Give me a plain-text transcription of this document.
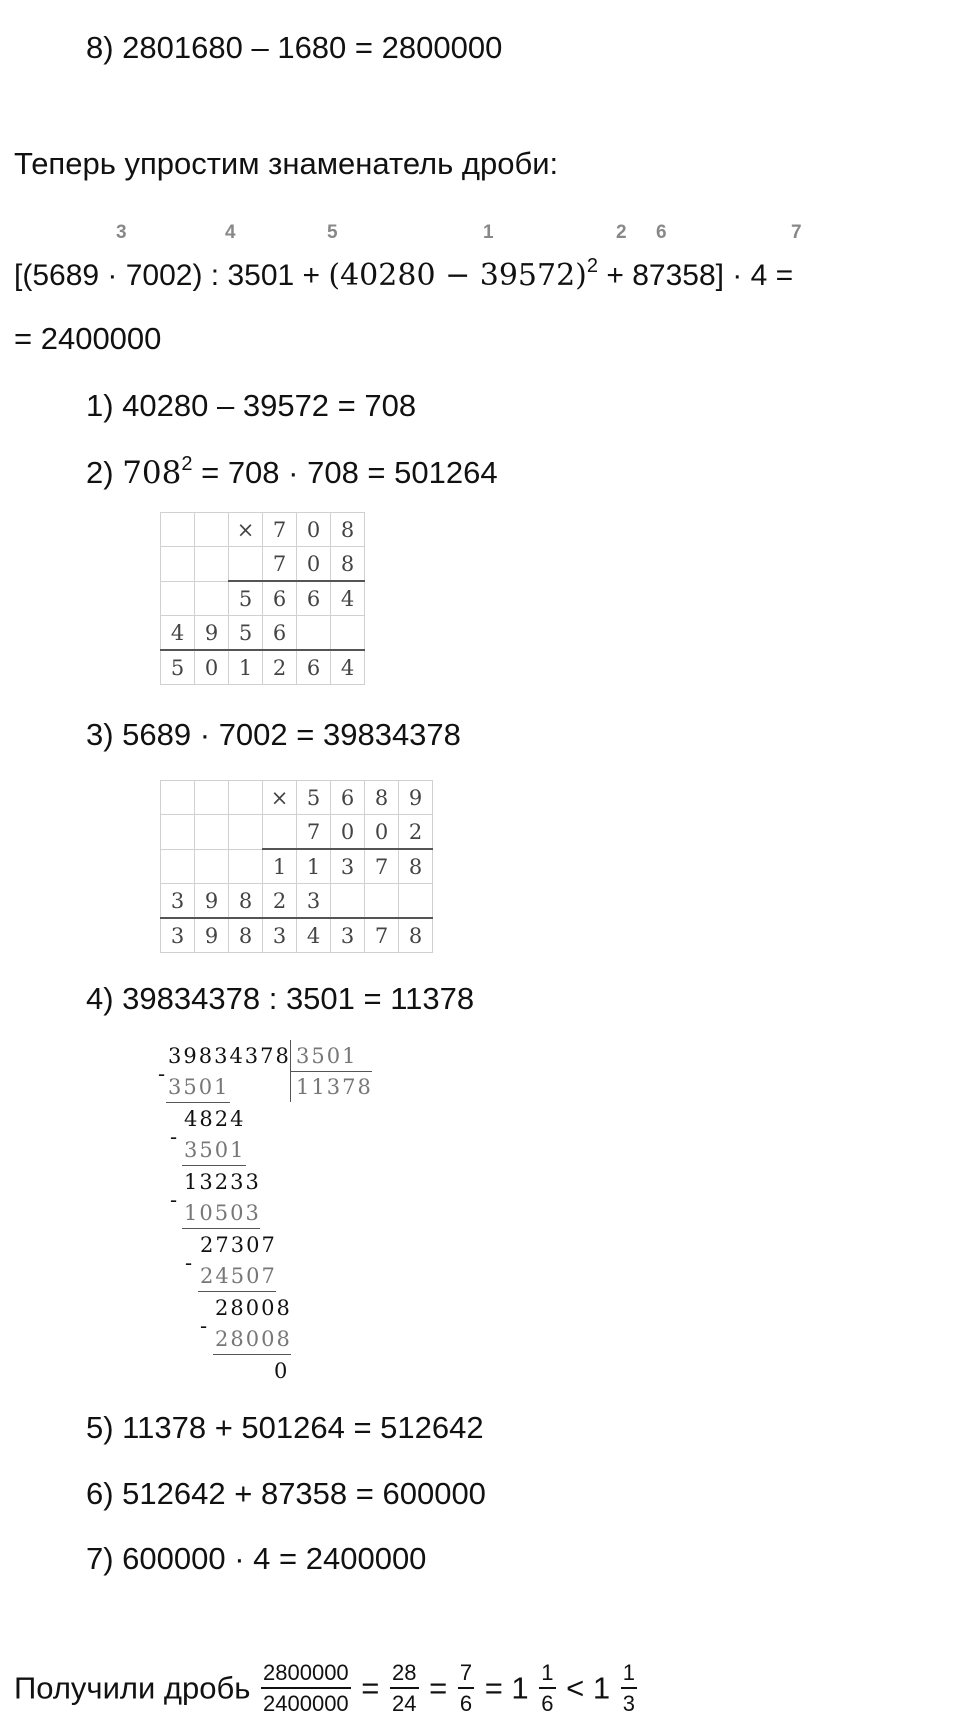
8) 2801680 – 1680 = 2800000
Теперь упростим знаменатель дроби:
3	4	5	1	2 6	7
[(5689 · 7002) : $3501 + (40280 - 39572)^2 + 87358] \cdot 4$ =
= 2400000
1) 40280 – 39572 = 708
2) $708^2 = 708 \cdot 708 = 501264$
		×	7	0	8
			7	0	8
		5	6	6	4
4	9	5	6		
5	0	1	2	6	4
3) 5689 · 7002 = 39834378
			×	5	6	8	9
				7	0	0	2
			1	1	3	7	8
3	9	8	2	3			
3	9	8	3	4	3	7	8
4) 39834378 : 3501 = 11378
39834378 3501
11378
-
3501
4824
-
3501
13233
-
10503
27307
-
24507
28008
-
28008
0
5) 11378 + 501264 = 512642
6) 512642 + 87358 = 600000
7) 600000 · 4 = 2400000
Получили дробь $\frac{2800000}{2400000} = \frac{28}{24} = \frac{7}{6} = 1 \frac{1}{6} < 1 \frac{1}{3}$
